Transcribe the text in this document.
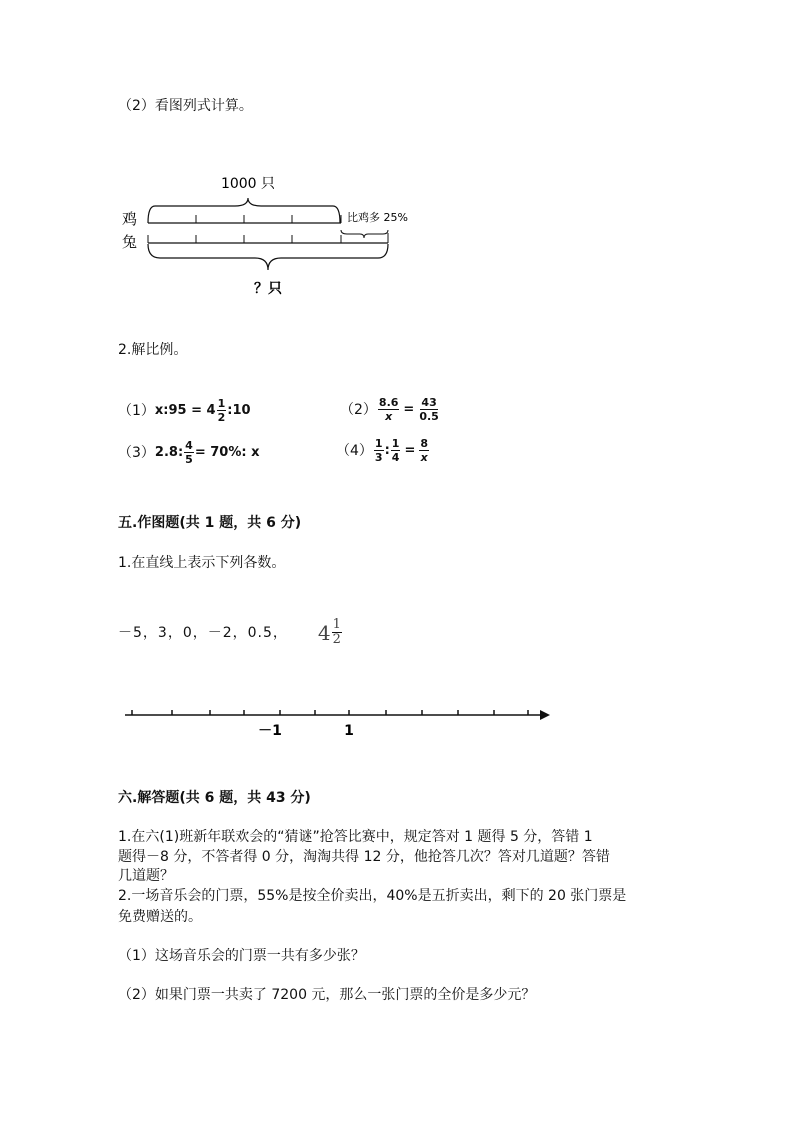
（2）看图列式计算。
1000 只
鸡
兔
比鸡多 25%
？只
2.解比例。
（1） x:95 = $4 \frac{1}{2}$ :10	$(2) \frac{8.6}{x} = \frac{43}{0.5}$
（3） 2.8: $\frac{4}{5} = 70\%$: x	$(4) \frac{1}{3}$ : $\frac{1}{4} = \frac{8}{x}$
五.作图题(共 1 题，共 6 分)
1.在直线上表示下列各数。
－5，3，0，－2，0.5， $4 \frac{1}{2}$
－1	1
六.解答题(共 6 题，共 43 分)
1.在六(1)班新年联欢会的“猜谜”抢答比赛中，规定答对 1 题得 5 分，答错 1
题得－8 分，不答者得 0 分，淘淘共得 12 分，他抢答几次？答对几道题？答错
几道题？
2.一场音乐会的门票，55%是按全价卖出，40%是五折卖出，剩下的 20 张门票是
免费赠送的。
（1）这场音乐会的门票一共有多少张？
（2）如果门票一共卖了 7200 元，那么一张门票的全价是多少元？
